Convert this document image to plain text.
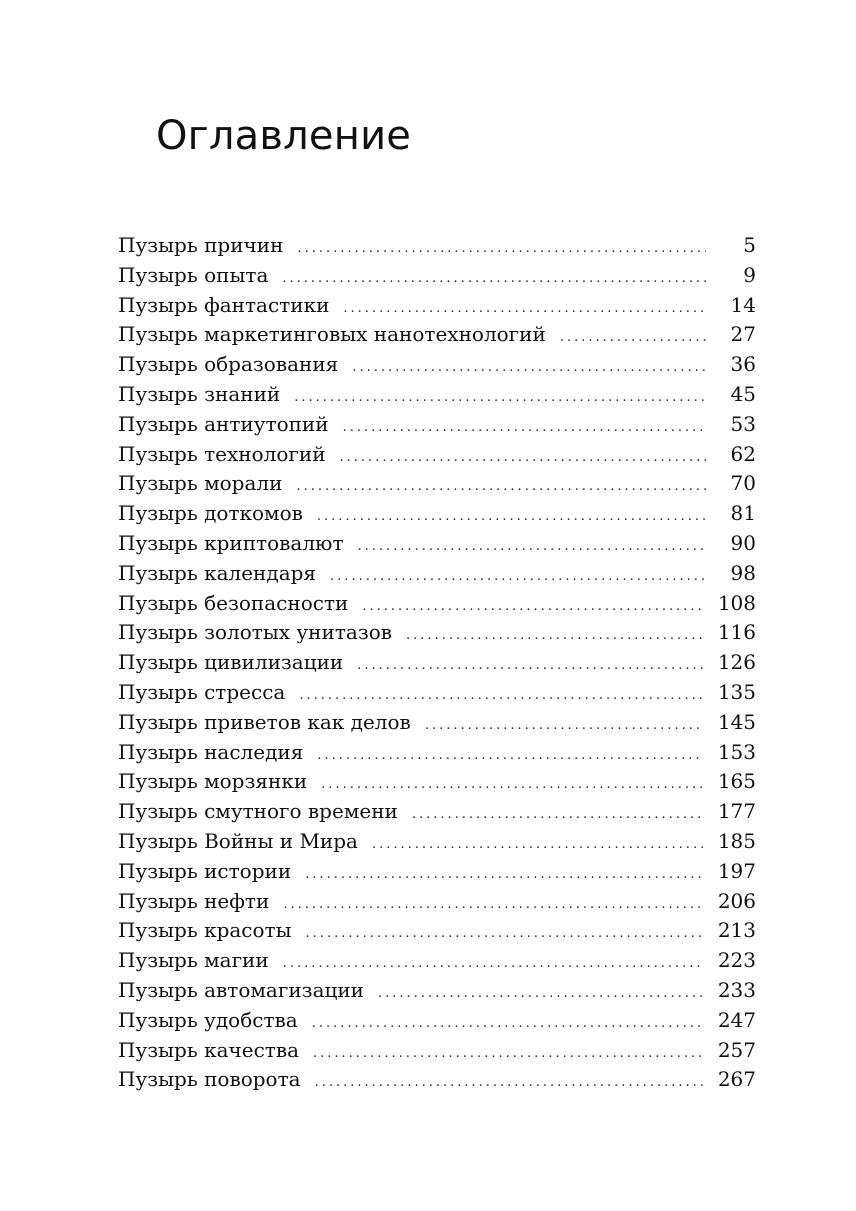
Оглавление
Пузырь причин .....	5
Пузырь опыта .....	9
Пузырь фантастики .....	14
Пузырь маркетинговых нанотехнологий .....	27
Пузырь образования .....	36
Пузырь знаний .....	45
Пузырь антиутопий .....	53
Пузырь технологий .....	62
Пузырь морали .....	70
Пузырь доткомов .....	81
Пузырь криптовалют .....	90
Пузырь календаря .....	98
Пузырь безопасности .....	108
Пузырь золотых унитазов .....	116
Пузырь цивилизации .....	126
Пузырь стресса .....	135
Пузырь приветов как делов .....	145
Пузырь наследия .....	153
Пузырь морзянки .....	165
Пузырь смутного времени .....	177
Пузырь Войны и Мира .....	185
Пузырь истории .....	197
Пузырь нефти .....	206
Пузырь красоты .....	213
Пузырь магии .....	223
Пузырь автомагизации .....	233
Пузырь удобства .....	247
Пузырь качества .....	257
Пузырь поворота .....	267
